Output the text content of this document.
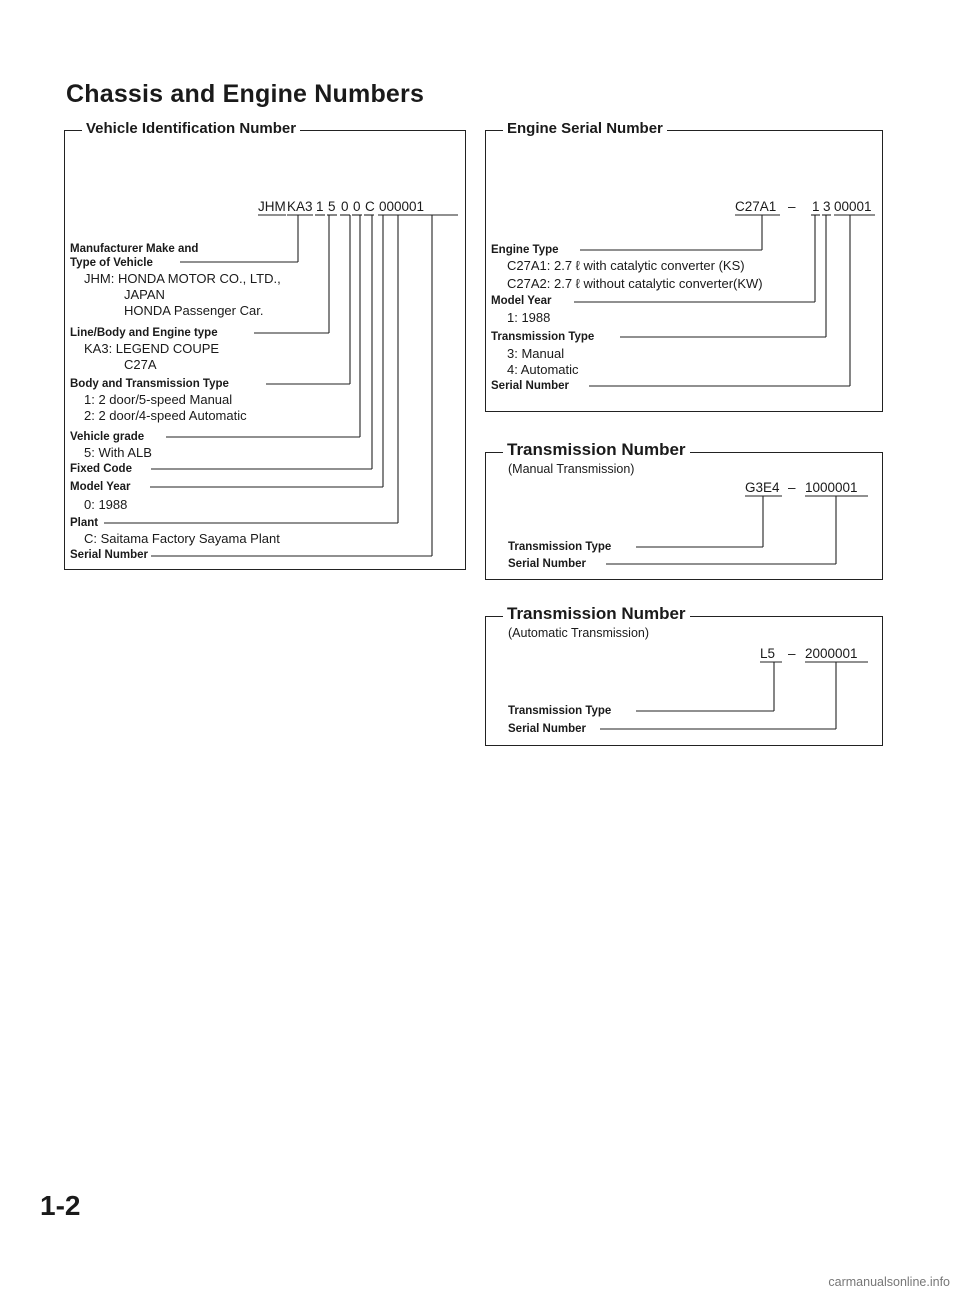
Chassis and Engine Numbers
Vehicle Identification Number
JHM KA3 1 5 0 0 C 000001
Manufacturer Make and
Type of Vehicle
JHM: HONDA MOTOR CO., LTD.,
JAPAN
HONDA Passenger Car.
Line/Body and Engine type
KA3: LEGEND COUPE
C27A
Body and Transmission Type
1: 2 door/5-speed Manual
2: 2 door/4-speed Automatic
Vehicle grade
5: With ALB
Fixed Code
Model Year
0: 1988
Plant
C: Saitama Factory Sayama Plant
Serial Number
Engine Serial Number
C27A1 – 1 3 00001
Engine Type
C27A1: 2.7 ℓ with catalytic converter (KS)
C27A2: 2.7 ℓ without catalytic converter(KW)
Model Year
1: 1988
Transmission Type
3: Manual
4: Automatic
Serial Number
Transmission Number
(Manual Transmission)
G3E4 – 1000001
Transmission Type
Serial Number
Transmission Number
(Automatic Transmission)
L5 – 2000001
Transmission Type
Serial Number
1-2
carmanualsonline.info
